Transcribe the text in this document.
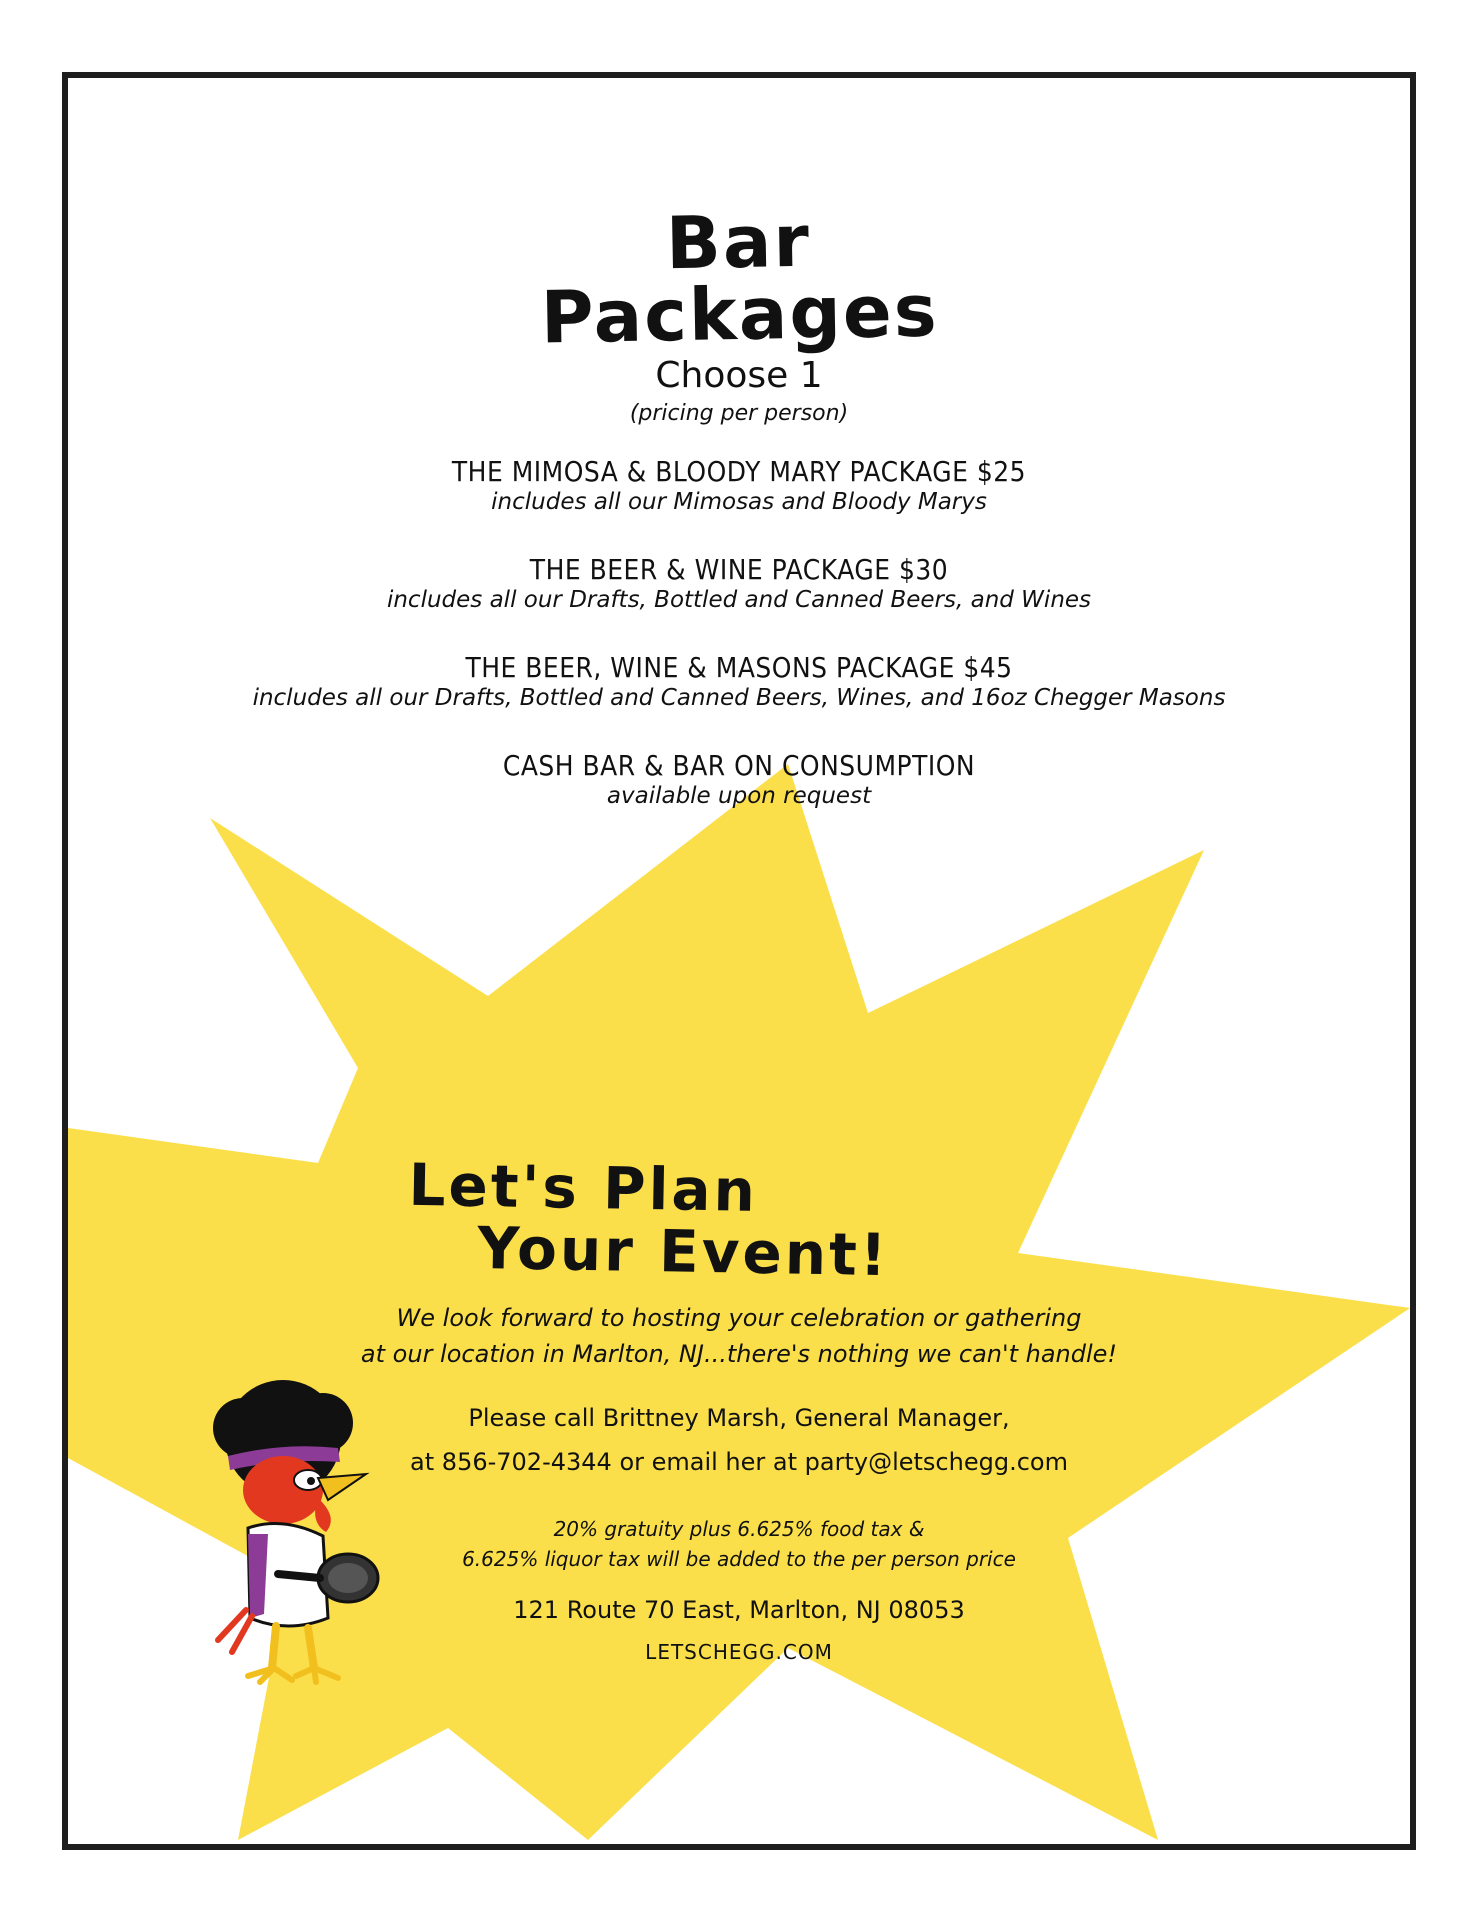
Bar
Packages
Choose 1
(pricing per person)
THE MIMOSA & BLOODY MARY PACKAGE $25
includes all our Mimosas and Bloody Marys
THE BEER & WINE PACKAGE $30
includes all our Drafts, Bottled and Canned Beers, and Wines
THE BEER, WINE & MASONS PACKAGE $45
includes all our Drafts, Bottled and Canned Beers, Wines, and 16oz Chegger Masons
CASH BAR & BAR ON CONSUMPTION
available upon request
Let's Plan
Your Event!
We look forward to hosting your celebration or gathering
at our location in Marlton, NJ...there's nothing we can't handle!
Please call Brittney Marsh, General Manager,
at 856-702-4344 or email her at party@letschegg.com
20% gratuity plus 6.625% food tax &
6.625% liquor tax will be added to the per person price
121 Route 70 East, Marlton, NJ 08053
LETSCHEGG.COM
